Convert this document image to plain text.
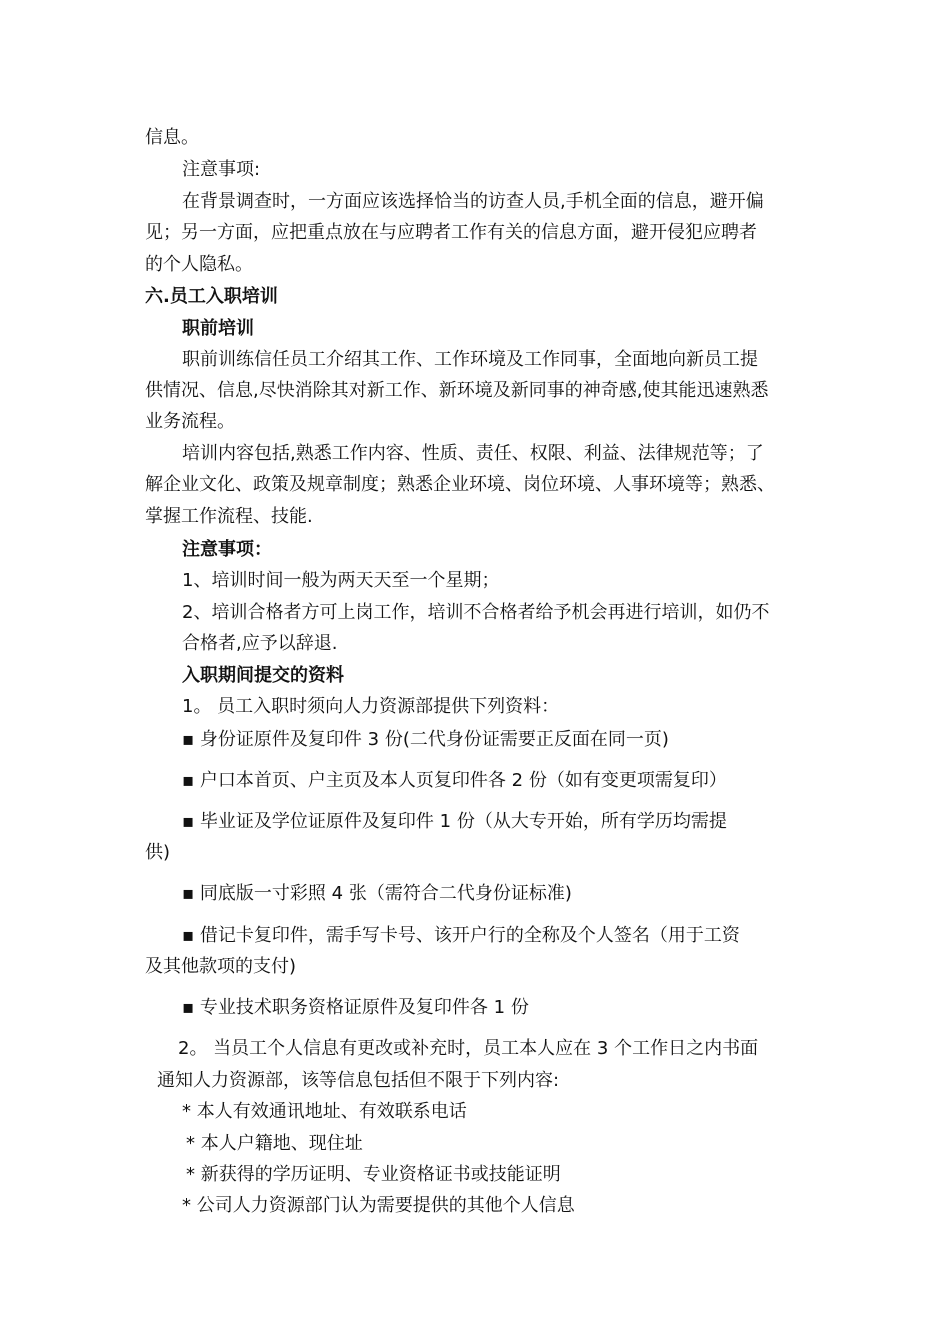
信息。
注意事项:
在背景调查时，一方面应该选择恰当的访查人员,手机全面的信息，避开偏
见；另一方面，应把重点放在与应聘者工作有关的信息方面，避开侵犯应聘者
的个人隐私。
六.员工入职培训
职前培训
职前训练信任员工介绍其工作、工作环境及工作同事，全面地向新员工提
供情况、信息,尽快消除其对新工作、新环境及新同事的神奇感,使其能迅速熟悉
业务流程。
培训内容包括,熟悉工作内容、性质、责任、权限、利益、法律规范等；了
解企业文化、政策及规章制度；熟悉企业环境、岗位环境、人事环境等；熟悉、
掌握工作流程、技能.
注意事项：
1、培训时间一般为两天天至一个星期；
2、培训合格者方可上岗工作，培训不合格者给予机会再进行培训，如仍不
合格者,应予以辞退.
入职期间提交的资料
1。 员工入职时须向人力资源部提供下列资料：
▪ 身份证原件及复印件 3 份(二代身份证需要正反面在同一页)
▪ 户口本首页、户主页及本人页复印件各 2 份（如有变更项需复印）
▪ 毕业证及学位证原件及复印件 1 份（从大专开始，所有学历均需提
供)
▪ 同底版一寸彩照 4 张（需符合二代身份证标准)
▪ 借记卡复印件，需手写卡号、该开户行的全称及个人签名（用于工资
及其他款项的支付)
▪ 专业技术职务资格证原件及复印件各 1 份
2。 当员工个人信息有更改或补充时，员工本人应在 3 个工作日之内书面
通知人力资源部，该等信息包括但不限于下列内容:
* 本人有效通讯地址、有效联系电话
* 本人户籍地、现住址
* 新获得的学历证明、专业资格证书或技能证明
* 公司人力资源部门认为需要提供的其他个人信息
